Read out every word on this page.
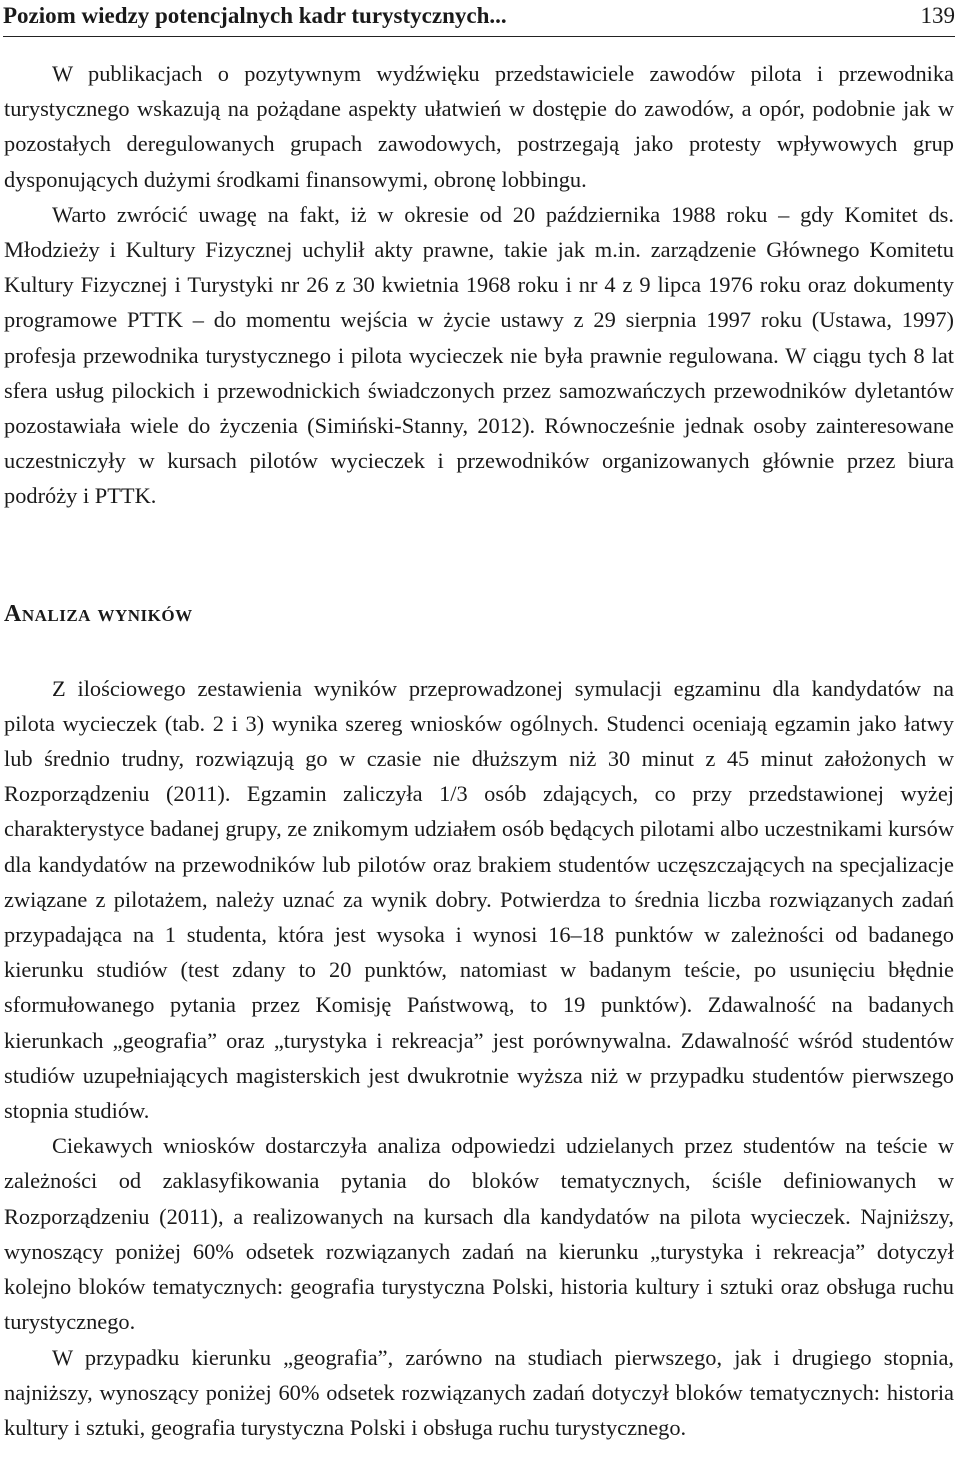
Poziom wiedzy potencjalnych kadr turystycznych...	139

W publikacjach o pozytywnym wydźwięku przedstawiciele zawodów pilota i przewodnika turystycznego wskazują na pożądane aspekty ułatwień w dostępie do zawodów, a opór, podobnie jak w pozostałych deregulowanych grupach zawodowych, postrzegają jako protesty wpływowych grup dysponujących dużymi środkami finansowymi, obronę lobbingu.

Warto zwrócić uwagę na fakt, iż w okresie od 20 października 1988 roku – gdy Komitet ds. Młodzieży i Kultury Fizycznej uchylił akty prawne, takie jak m.in. zarządzenie Głównego Komitetu Kultury Fizycznej i Turystyki nr 26 z 30 kwietnia 1968 roku i nr 4 z 9 lipca 1976 roku oraz dokumenty programowe PTTK – do momentu wejścia w życie ustawy z 29 sierpnia 1997 roku (Ustawa, 1997) profesja przewodnika turystycznego i pilota wycieczek nie była prawnie regulowana. W ciągu tych 8 lat sfera usług pilockich i przewodnickich świadczonych przez samozwańczych przewodników dyletantów pozostawiała wiele do życzenia (Simiński-Stanny, 2012). Równocześnie jednak osoby zainteresowane uczestniczyły w kursach pilotów wycieczek i przewodników organizowanych głównie przez biura podróży i PTTK.

Analiza wyników

Z ilościowego zestawienia wyników przeprowadzonej symulacji egzaminu dla kandydatów na pilota wycieczek (tab. 2 i 3) wynika szereg wniosków ogólnych. Studenci oceniają egzamin jako łatwy lub średnio trudny, rozwiązują go w czasie nie dłuższym niż 30 minut z 45 minut założonych w Rozporządzeniu (2011). Egzamin zaliczyła 1/3 osób zdających, co przy przedstawionej wyżej charakterystyce badanej grupy, ze znikomym udziałem osób będących pilotami albo uczestnikami kursów dla kandydatów na przewodników lub pilotów oraz brakiem studentów uczęszczających na specjalizacje związane z pilotażem, należy uznać za wynik dobry. Potwierdza to średnia liczba rozwiązanych zadań przypadająca na 1 studenta, która jest wysoka i wynosi 16–18 punktów w zależności od badanego kierunku studiów (test zdany to 20 punktów, natomiast w badanym teście, po usunięciu błędnie sformułowanego pytania przez Komisję Państwową, to 19 punktów). Zdawalność na badanych kierunkach „geografia” oraz „turystyka i rekreacja” jest porównywalna. Zdawalność wśród studentów studiów uzupełniających magisterskich jest dwukrotnie wyższa niż w przypadku studentów pierwszego stopnia studiów.

Ciekawych wniosków dostarczyła analiza odpowiedzi udzielanych przez studentów na teście w zależności od zaklasyfikowania pytania do bloków tematycznych, ściśle definiowanych w Rozporządzeniu (2011), a realizowanych na kursach dla kandydatów na pilota wycieczek. Najniższy, wynoszący poniżej 60% odsetek rozwiązanych zadań na kierunku „turystyka i rekreacja” dotyczył kolejno bloków tematycznych: geografia turystyczna Polski, historia kultury i sztuki oraz obsługa ruchu turystycznego.

W przypadku kierunku „geografia”, zarówno na studiach pierwszego, jak i drugiego stopnia, najniższy, wynoszący poniżej 60% odsetek rozwiązanych zadań dotyczył bloków tematycznych: historia kultury i sztuki, geografia turystyczna Polski i obsługa ruchu turystycznego.
